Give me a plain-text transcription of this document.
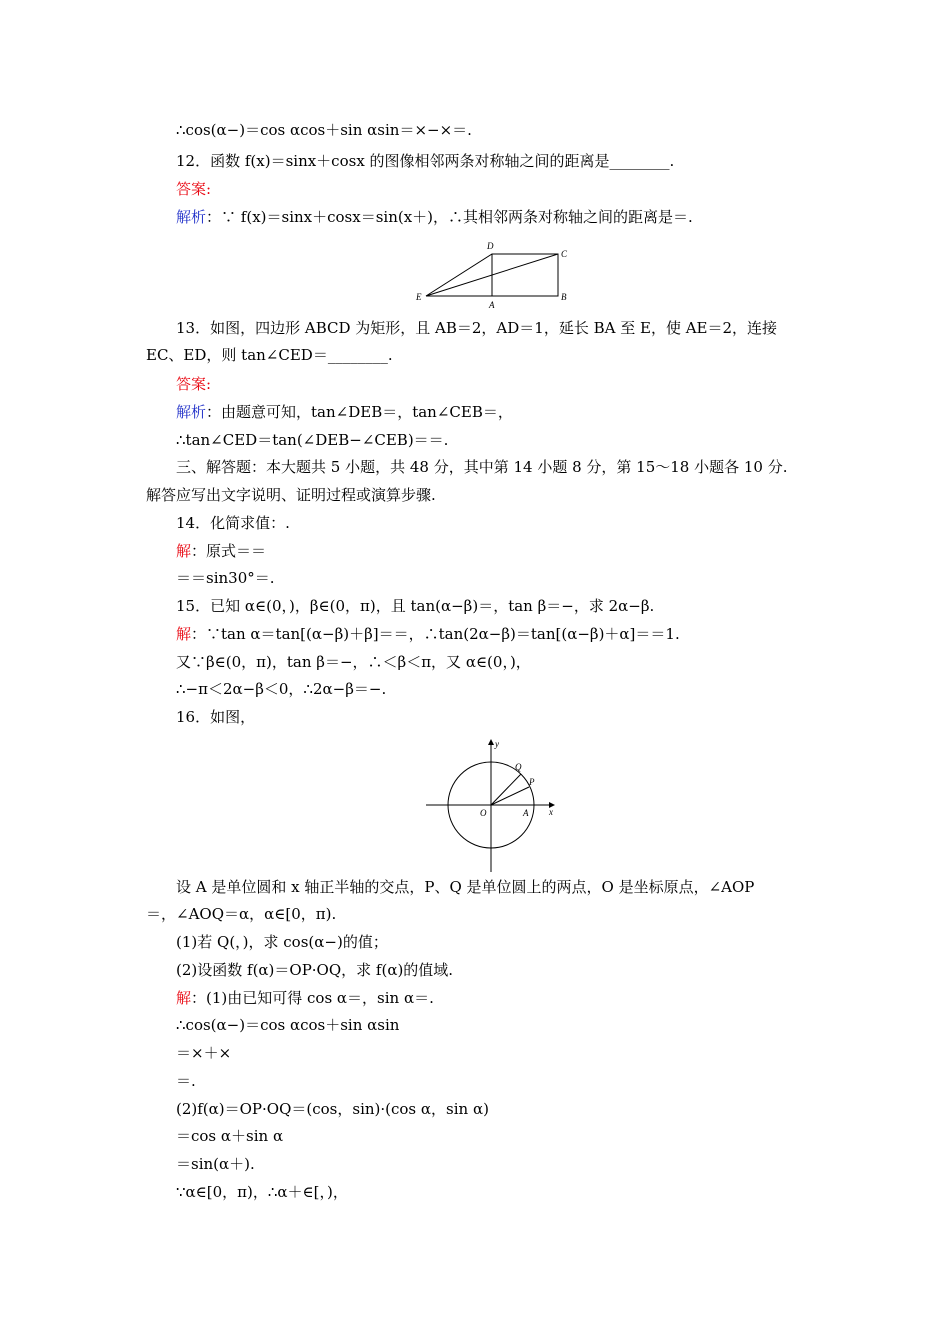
∴cos(α−)＝cos αcos＋sin αsin＝×−×＝.
12．函数 f(x)＝sinx＋cosx 的图像相邻两条对称轴之间的距离是________.
答案:
解析：∵ f(x)＝sinx＋cosx＝sin(x＋)，∴其相邻两条对称轴之间的距离是＝.
D
C
E
A
B
13．如图，四边形 ABCD 为矩形，且 AB＝2，AD＝1，延长 BA 至 E，使 AE＝2，连接
EC、ED，则 tan∠CED＝________.
答案:
解析：由题意可知，tan∠DEB＝，tan∠CEB＝，
∴tan∠CED＝tan(∠DEB−∠CEB)＝＝.
三、解答题：本大题共 5 小题，共 48 分，其中第 14 小题 8 分，第 15～18 小题各 10 分.
解答应写出文字说明、证明过程或演算步骤.
14．化简求值：.
解：原式＝＝
＝＝sin30°＝.
15．已知 α∈(0，)，β∈(0，π)，且 tan(α−β)＝，tan β＝−，求 2α−β.
解：∵tan α＝tan[(α−β)＋β]＝＝，∴tan(2α−β)＝tan[(α−β)＋α]＝＝1.
又∵β∈(0，π)，tan β＝−，∴＜β＜π，又 α∈(0，)，
∴−π＜2α−β＜0，∴2α−β＝−.
16．如图，
y
x
Q
P
O	A
设 A 是单位圆和 x 轴正半轴的交点，P、Q 是单位圆上的两点，O 是坐标原点，∠AOP
＝，∠AOQ＝α，α∈[0，π).
(1)若 Q(，)，求 cos(α−)的值；
(2)设函数 f(α)＝OP·OQ，求 f(α)的值域.
解：(1)由已知可得 cos α＝，sin α＝.
∴cos(α−)＝cos αcos＋sin αsin
＝×＋×
＝.
(2)f(α)＝OP·OQ＝(cos，sin)·(cos α，sin α)
＝cos α＋sin α
＝sin(α＋).
∵α∈[0，π)，∴α＋∈[，)，
